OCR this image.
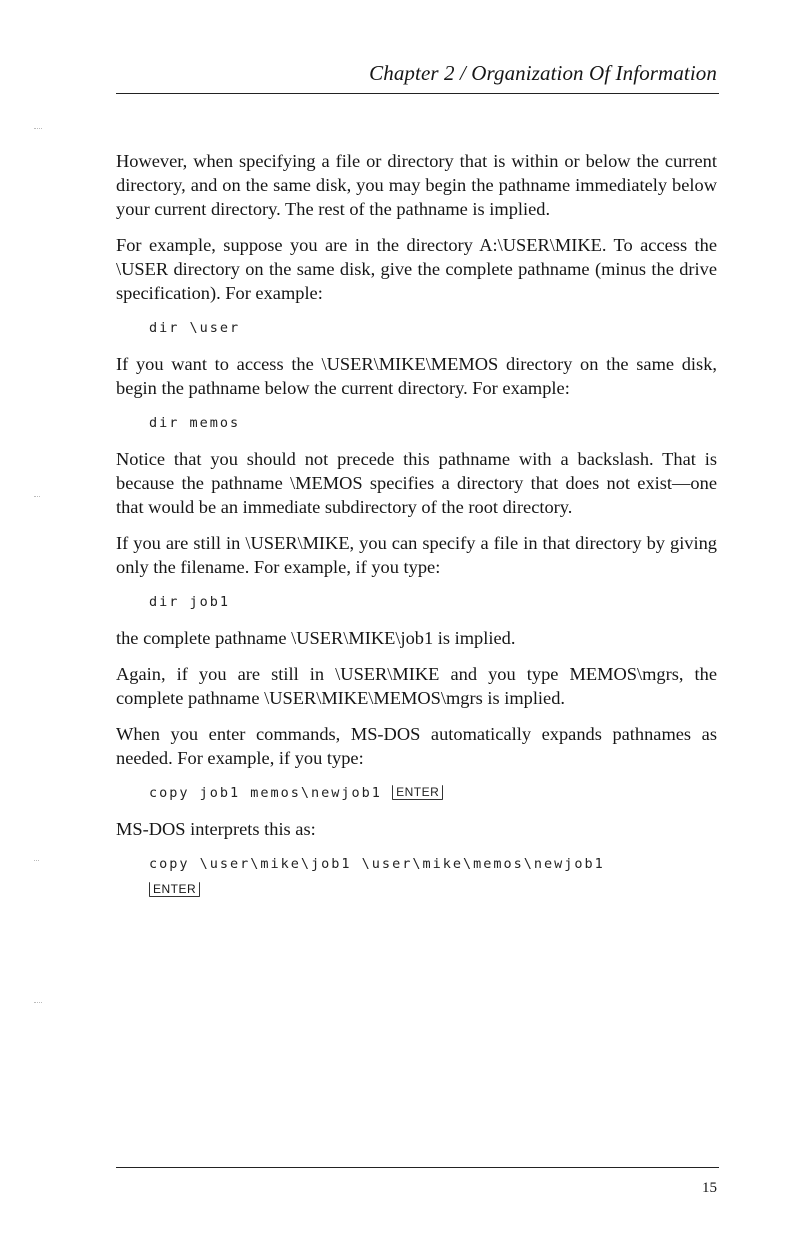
Chapter 2 / Organization Of Information

However, when specifying a file or directory that is within or below the current directory, and on the same disk, you may begin the pathname immediately below your current directory. The rest of the pathname is implied.

For example, suppose you are in the directory A:\USER\MIKE. To access the \USER directory on the same disk, give the complete pathname (minus the drive specification). For example:

dir \user

If you want to access the \USER\MIKE\MEMOS directory on the same disk, begin the pathname below the current directory. For example:

dir memos

Notice that you should not precede this pathname with a backslash. That is because the pathname \MEMOS specifies a directory that does not exist—one that would be an immediate subdirectory of the root directory.

If you are still in \USER\MIKE, you can specify a file in that directory by giving only the filename. For example, if you type:

dir job1

the complete pathname \USER\MIKE\job1 is implied.

Again, if you are still in \USER\MIKE and you type MEMOS\mgrs, the complete pathname \USER\MIKE\MEMOS\mgrs is implied.

When you enter commands, MS-DOS automatically expands pathnames as needed. For example, if you type:

copy job1 memos\newjob1 ENTER

MS-DOS interprets this as:

copy \user\mike\job1 \user\mike\memos\newjob1
ENTER
15
